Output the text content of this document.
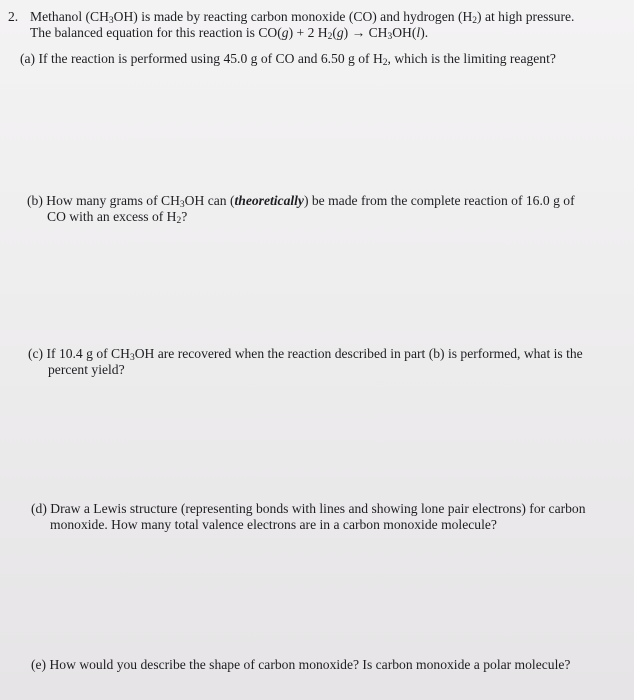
2. Methanol $(CH_3OH)$ is made by reacting carbon monoxide (CO) and hydrogen $(H_2)$ at high pressure.
The balanced equation for this reaction is CO(g) + 2 $H_2(g) \to CH_3OH(l)$.
(a) If the reaction is performed using 45.0 g of CO and 6.50 g of $H_2$, which is the limiting reagent?
(b) How many grams of $CH_3OH$ can (theoretically) be made from the complete reaction of 16.0 g of
CO with an excess of $H_2$?
(c) If 10.4 g of $CH_3OH$ are recovered when the reaction described in part (b) is performed, what is the
percent yield?
(d) Draw a Lewis structure (representing bonds with lines and showing lone pair electrons) for carbon
monoxide. How many total valence electrons are in a carbon monoxide molecule?
(e) How would you describe the shape of carbon monoxide? Is carbon monoxide a polar molecule?
